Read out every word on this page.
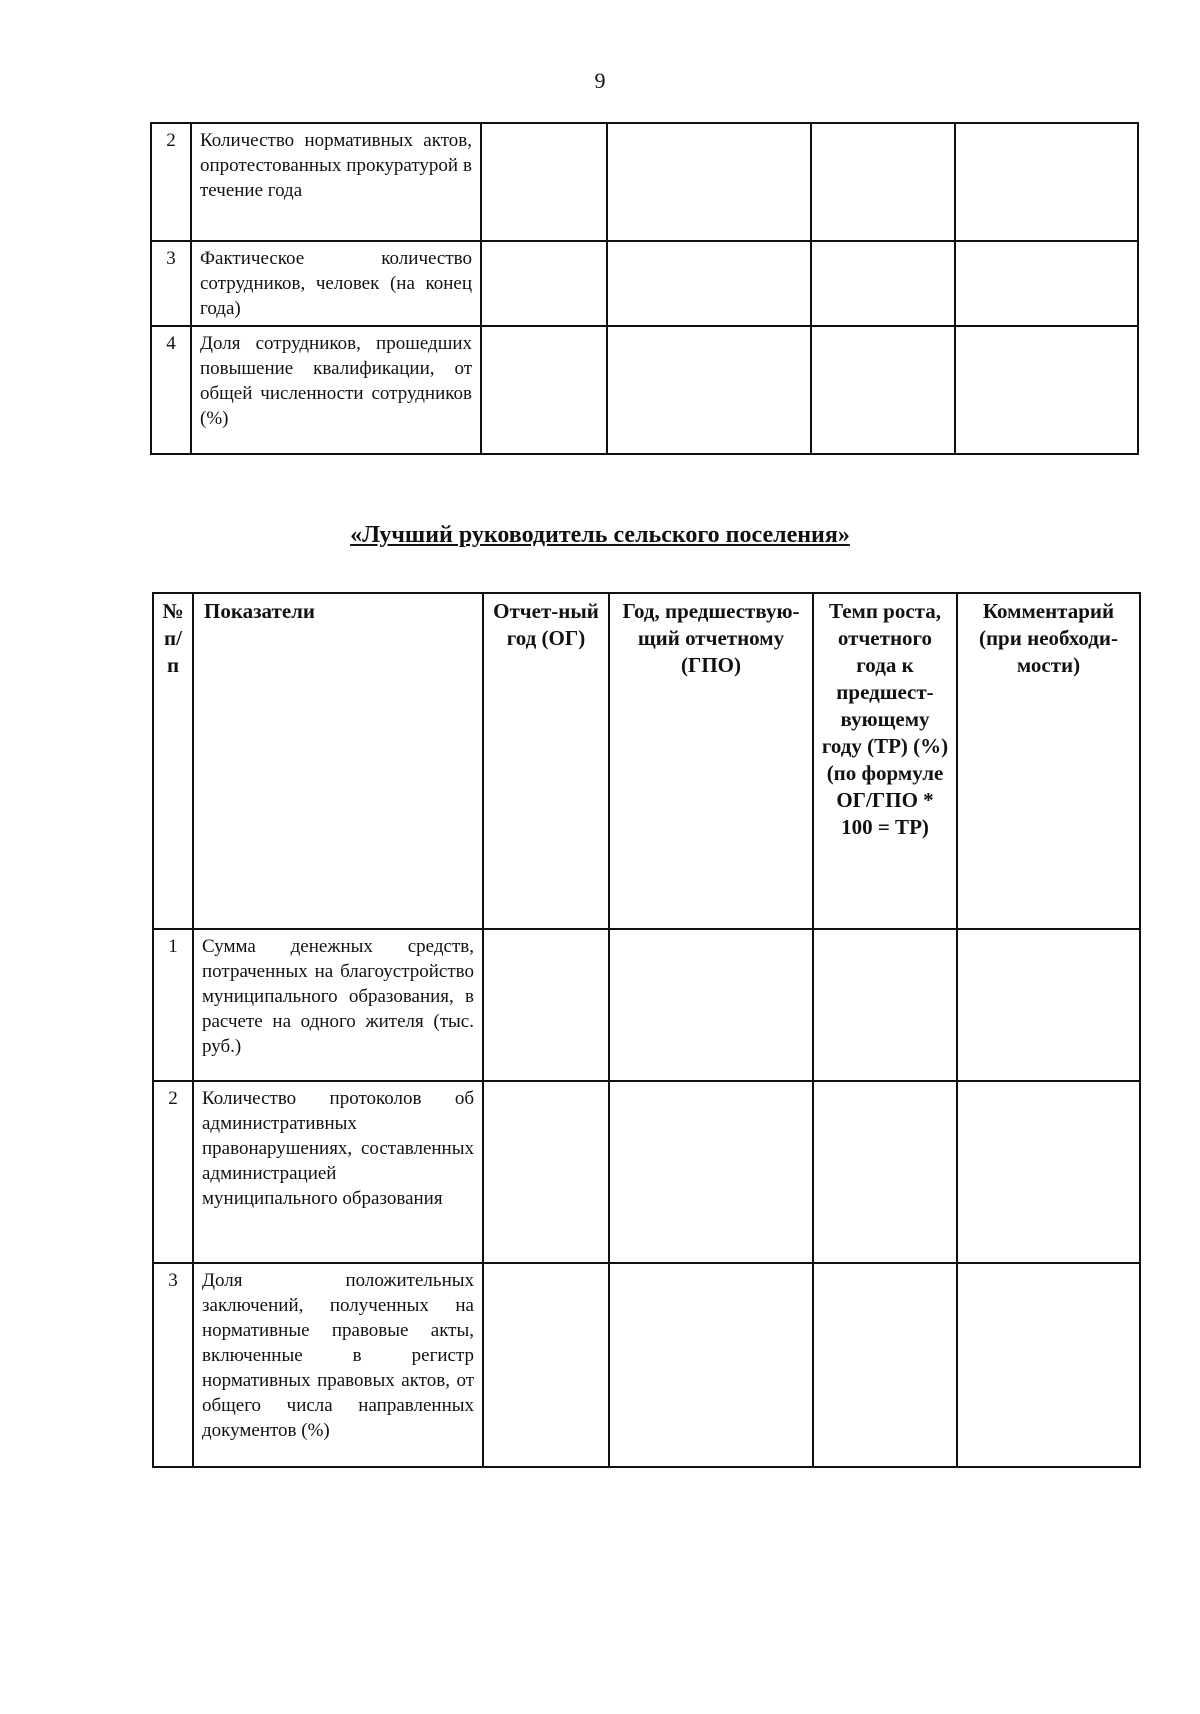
9
2	Количество нормативных актов, опротестованных прокуратурой в течение года				
3	Фактическое количество сотрудников, человек (на конец года)				
4	Доля сотрудников, прошедших повышение квалификации, от общей численности сотрудников (%)				
«Лучший руководитель сельского поселения»
№ п/ п	Показатели	Отчет-ный год (ОГ)	Год, предшествую-щий отчетному (ГПО)	Темп роста, отчетного года к предшест-вующему году (ТР) (%) (по формуле ОГ/ГПО * 100 = ТР)	Комментарий (при необходи-мости)
1	Сумма денежных средств, потраченных на благоустройство муниципального образования, в расчете на одного жителя (тыс. руб.)				
2	Количество протоколов об административных правонарушениях, составленных администрацией муниципального образования				
3	Доля положительных заключений, полученных на нормативные правовые акты, включенные в регистр нормативных правовых актов, от общего числа направленных документов (%)				
